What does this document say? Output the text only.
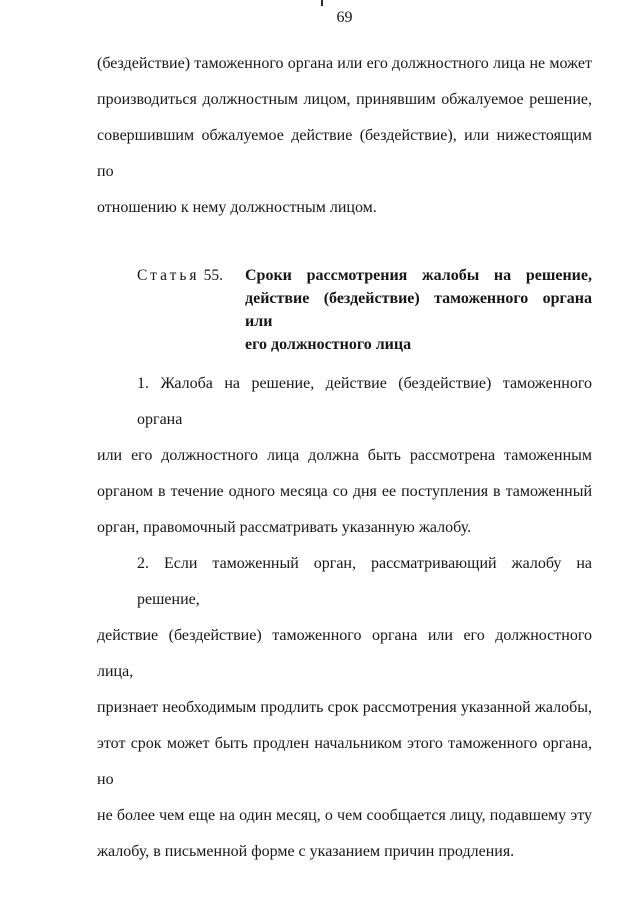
69
(бездействие) таможенного органа или его должностного лица не может
производиться должностным лицом, принявшим обжалуемое решение,
совершившим обжалуемое действие (бездействие), или нижестоящим по
отношению к нему должностным лицом.
Статья 55.	Сроки рассмотрения жалобы на решение,
действие (бездействие) таможенного органа или
его должностного лица
1. Жалоба на решение, действие (бездействие) таможенного органа
или его должностного лица должна быть рассмотрена таможенным
органом в течение одного месяца со дня ее поступления в таможенный
орган, правомочный рассматривать указанную жалобу.
2. Если таможенный орган, рассматривающий жалобу на решение,
действие (бездействие) таможенного органа или его должностного лица,
признает необходимым продлить срок рассмотрения указанной жалобы,
этот срок может быть продлен начальником этого таможенного органа, но
не более чем еще на один месяц, о чем сообщается лицу, подавшему эту
жалобу, в письменной форме с указанием причин продления.
